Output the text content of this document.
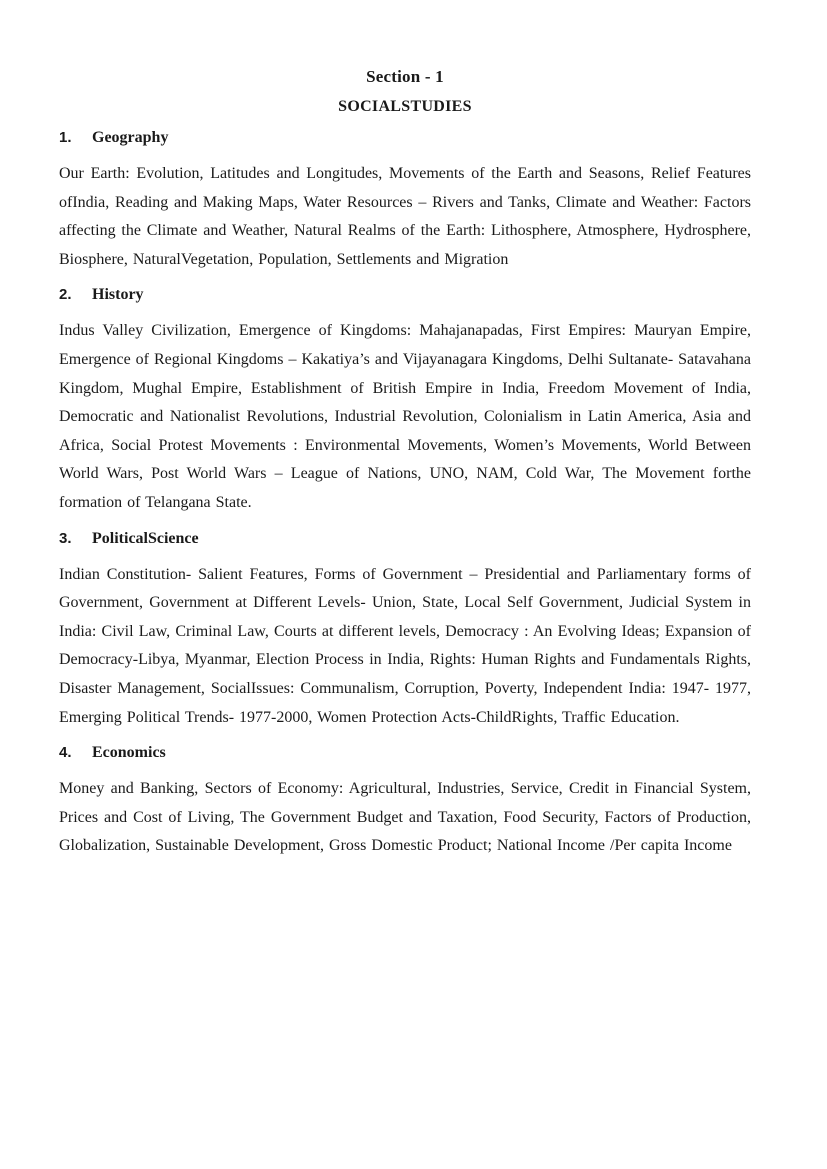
Section - 1

SOCIALSTUDIES

1.	Geography

Our Earth: Evolution, Latitudes and Longitudes, Movements of the Earth and Seasons, Relief Features ofIndia, Reading and Making Maps, Water Resources – Rivers and Tanks, Climate and Weather: Factors affecting the Climate and Weather, Natural Realms of the Earth: Lithosphere, Atmosphere, Hydrosphere, Biosphere, NaturalVegetation, Population, Settlements and Migration

2.	History

Indus Valley Civilization, Emergence of Kingdoms: Mahajanapadas, First Empires: Mauryan Empire, Emergence of Regional Kingdoms – Kakatiya’s and Vijayanagara Kingdoms, Delhi Sultanate- Satavahana Kingdom, Mughal Empire, Establishment of British Empire in India, Freedom Movement of India, Democratic and Nationalist Revolutions, Industrial Revolution, Colonialism in Latin America, Asia and Africa, Social Protest Movements : Environmental Movements, Women’s Movements, World Between World Wars, Post World Wars – League of Nations, UNO, NAM, Cold War, The Movement forthe formation of Telangana State.

3.	PoliticalScience

Indian Constitution- Salient Features, Forms of Government – Presidential and Parliamentary forms of Government, Government at Different Levels- Union, State, Local Self Government, Judicial System in India: Civil Law, Criminal Law, Courts at different levels, Democracy : An Evolving Ideas; Expansion of Democracy-Libya, Myanmar, Election Process in India, Rights: Human Rights and Fundamentals Rights, Disaster Management, SocialIssues: Communalism, Corruption, Poverty, Independent India: 1947- 1977, Emerging Political Trends- 1977-2000, Women Protection Acts-ChildRights, Traffic Education.

4.	Economics

Money and Banking, Sectors of Economy: Agricultural, Industries, Service, Credit in Financial System, Prices and Cost of Living, The Government Budget and Taxation, Food Security, Factors of Production, Globalization, Sustainable Development, Gross Domestic Product; National Income /Per capita Income
